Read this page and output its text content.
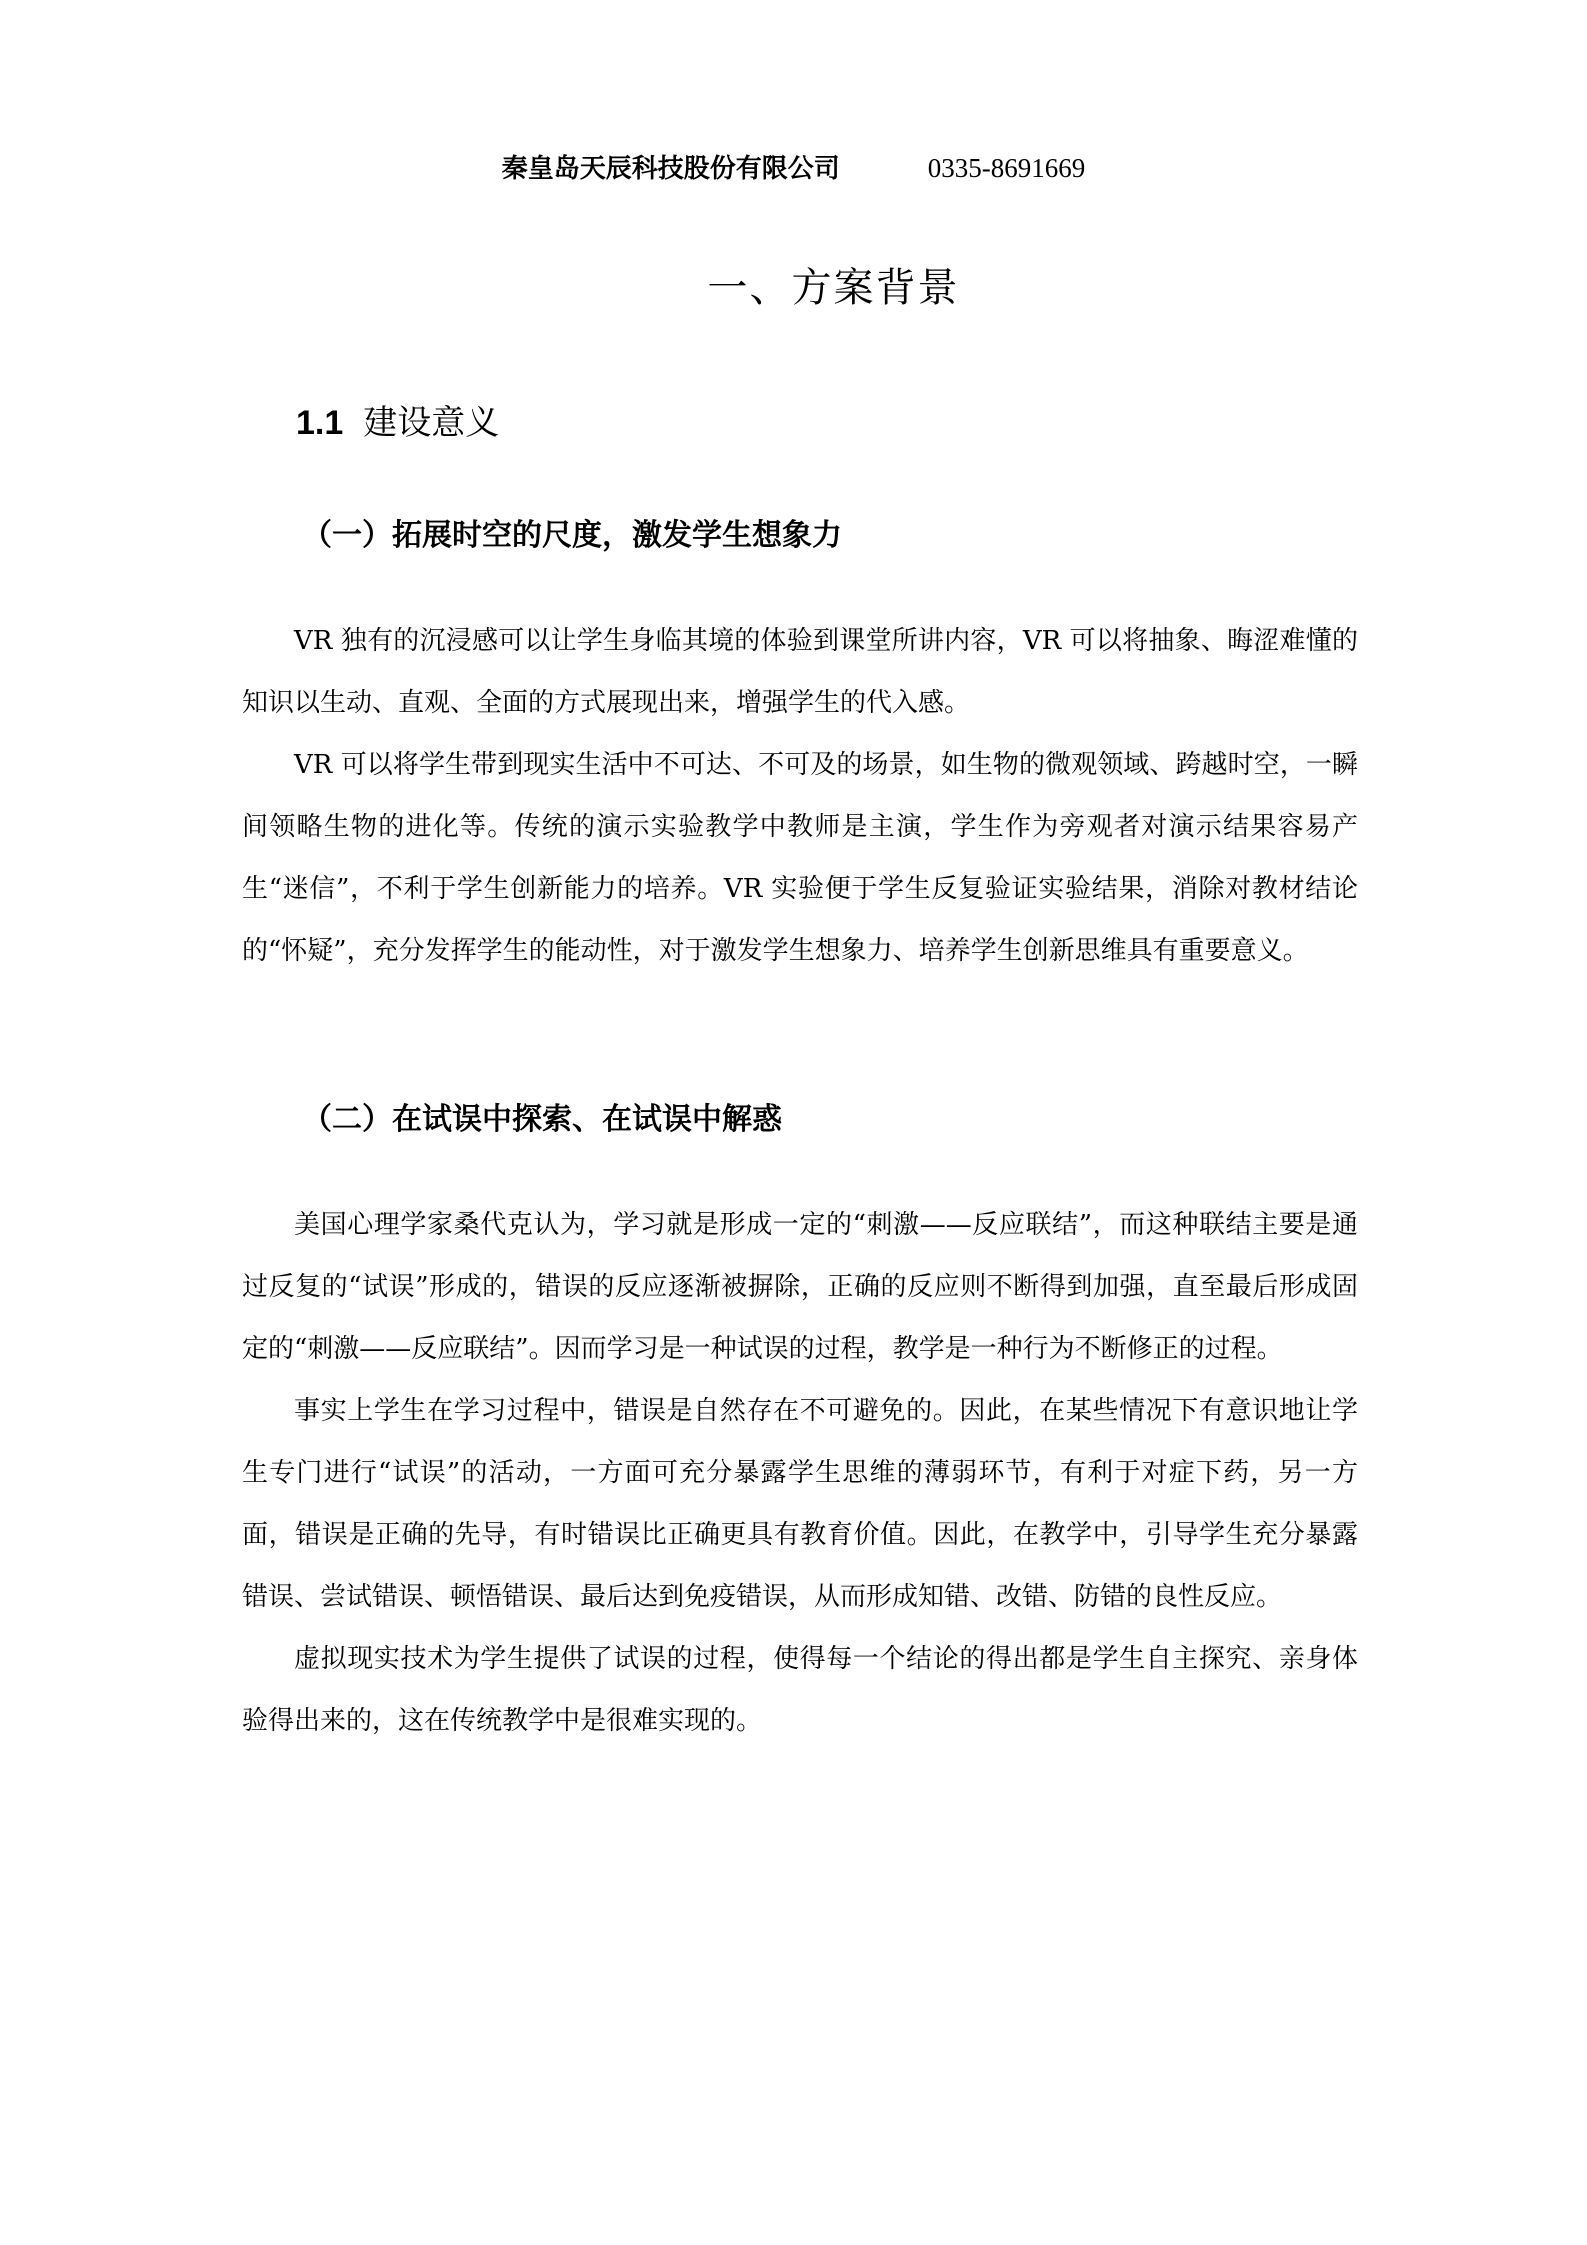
秦皇岛天辰科技股份有限公司	0335-8691669
一、方案背景
1.1 建设意义
（一）拓展时空的尺度，激发学生想象力

VR 独有的沉浸感可以让学生身临其境的体验到课堂所讲内容，VR 可以将抽象、晦涩难懂的知识以生动、直观、全面的方式展现出来，增强学生的代入感。

VR 可以将学生带到现实生活中不可达、不可及的场景，如生物的微观领域、跨越时空，一瞬间领略生物的进化等。传统的演示实验教学中教师是主演，学生作为旁观者对演示结果容易产生“迷信”，不利于学生创新能力的培养。VR 实验便于学生反复验证实验结果，消除对教材结论的“怀疑”，充分发挥学生的能动性，对于激发学生想象力、培养学生创新思维具有重要意义。

（二）在试误中探索、在试误中解惑

美国心理学家桑代克认为，学习就是形成一定的“刺激——反应联结”，而这种联结主要是通过反复的“试误”形成的，错误的反应逐渐被摒除，正确的反应则不断得到加强，直至最后形成固定的“刺激——反应联结”。因而学习是一种试误的过程，教学是一种行为不断修正的过程。

事实上学生在学习过程中，错误是自然存在不可避免的。因此，在某些情况下有意识地让学生专门进行“试误”的活动，一方面可充分暴露学生思维的薄弱环节，有利于对症下药，另一方面，错误是正确的先导，有时错误比正确更具有教育价值。因此，在教学中，引导学生充分暴露错误、尝试错误、顿悟错误、最后达到免疫错误，从而形成知错、改错、防错的良性反应。

虚拟现实技术为学生提供了试误的过程，使得每一个结论的得出都是学生自主探究、亲身体验得出来的，这在传统教学中是很难实现的。
